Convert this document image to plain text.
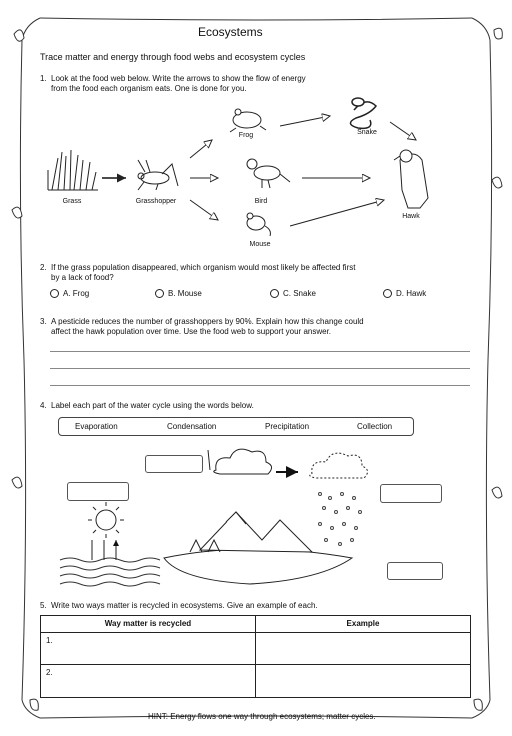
Ecosystems
Trace matter and energy through food webs and ecosystem cycles
1. Look at the food web below. Write the arrows to show the flow of energy
from the food each organism eats. One is done for you.
Grass	Grasshopper
Frog
Bird
Mouse
Snake
Hawk
2. If the grass population disappeared, which organism would most likely be affected first
by a lack of food?
A. Frog	B. Mouse	C. Snake	D. Hawk
3. A pesticide reduces the number of grasshoppers by 90%. Explain how this change could
affect the hawk population over time. Use the food web to support your answer.
4. Label each part of the water cycle using the words below.
Evaporation	Condensation	Precipitation	Collection
5. Write two ways matter is recycled in ecosystems. Give an example of each.
Way matter is recycled	Example
1.	
2.	
HINT: Energy flows one way through ecosystems; matter cycles.
